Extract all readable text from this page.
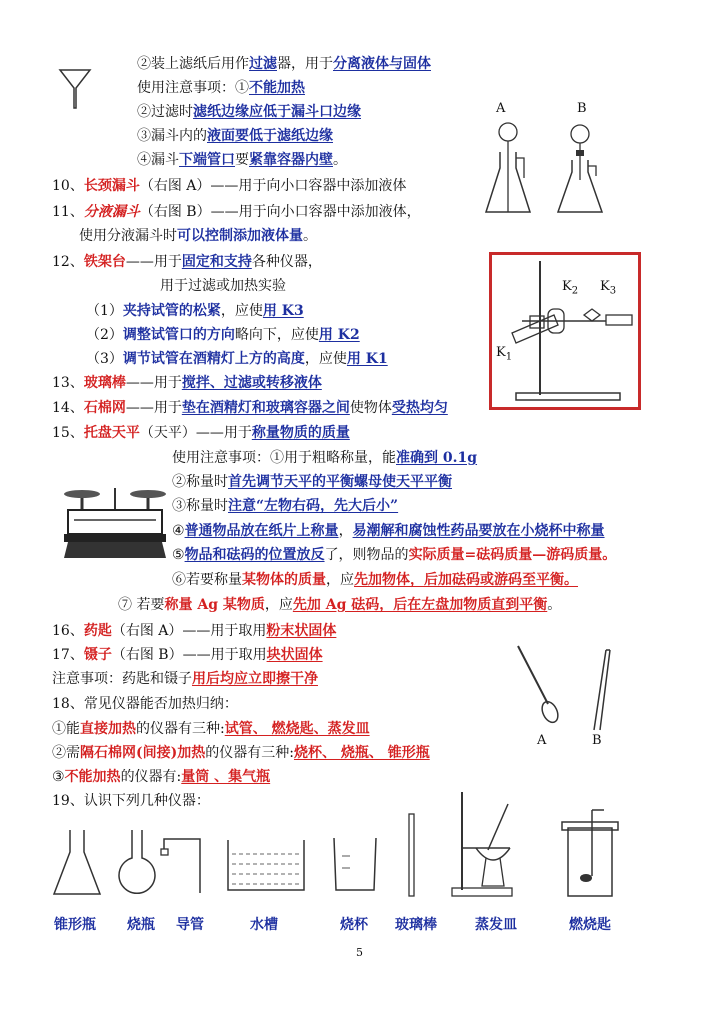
②装上滤纸后用作过滤器，用于分离液体与固体
使用注意事项：①不能加热
②过滤时滤纸边缘应低于漏斗口边缘
③漏斗内的液面要低于滤纸边缘
④漏斗下端管口要紧靠容器内壁。
A	B
10、长颈漏斗（右图 A）——用于向小口容器中添加液体
11、分液漏斗（右图 B）——用于向小口容器中添加液体，
使用分液漏斗时可以控制添加液体量。
12、铁架台——用于固定和支持各种仪器，
用于过滤或加热实验
（1）夹持试管的松紧，应使用 K3
（2）调整试管口的方向略向下，应使用 K2
（3）调节试管在酒精灯上方的高度，应使用 K1
$K_2$ $K_3$
$K_1$
13、玻璃棒——用于搅拌、过滤或转移液体
14、石棉网——用于垫在酒精灯和玻璃容器之间使物体受热均匀
15、托盘天平（天平）——用于称量物质的质量
使用注意事项：①用于粗略称量，能准确到 0.1g
②称量时首先调节天平的平衡螺母使天平平衡
③称量时注意“左物右码，先大后小”
④普通物品放在纸片上称量，易潮解和腐蚀性药品要放在小烧杯中称量
⑤物品和砝码的位置放反了，则物品的实际质量=砝码质量—游码质量。
⑥若要称量某物体的质量，应先加物体，后加砝码或游码至平衡。
⑦ 若要称量 Ag 某物质，应先加 Ag 砝码，后在左盘加物质直到平衡。
16、药匙（右图 A）——用于取用粉末状固体
17、镊子（右图 B）——用于取用块状固体
注意事项：药匙和镊子用后均应立即擦干净
A	B
18、常见仪器能否加热归纳：
①能直接加热的仪器有三种:试管、 燃烧匙、蒸发皿
②需隔石棉网(间接)加热的仪器有三种:烧杯、 烧瓶、 锥形瓶
③不能加热的仪器有:量筒 、集气瓶
19、认识下列几种仪器：
锥形瓶	烧瓶	导管	水槽	烧杯	玻璃棒	蒸发皿	燃烧匙
5
